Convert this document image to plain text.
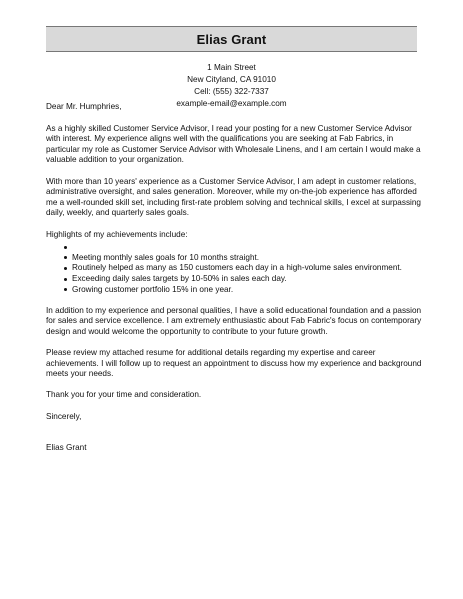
Elias Grant
1 Main Street
New Cityland, CA 91010
Cell: (555) 322-7337
example-email@example.com

Dear Mr. Humphries,

As a highly skilled Customer Service Advisor, I read your posting for a new Customer Service Advisor with interest. My experience aligns well with the qualifications you are seeking at Fab Fabrics, in particular my role as Customer Service Advisor with Wholesale Linens, and I am certain I would make a valuable addition to your organization.

With more than 10 years' experience as a Customer Service Advisor, I am adept in customer relations, administrative oversight, and sales generation. Moreover, while my on-the-job experience has afforded me a well-rounded skill set, including first-rate problem solving and technical skills, I excel at surpassing daily, weekly, and quarterly sales goals.

Highlights of my achievements include:

Meeting monthly sales goals for 10 months straight.
Routinely helped as many as 150 customers each day in a high-volume sales environment.
Exceeding daily sales targets by 10-50% in sales each day.
Growing customer portfolio 15% in one year.

In addition to my experience and personal qualities, I have a solid educational foundation and a passion for sales and service excellence. I am extremely enthusiastic about Fab Fabric's focus on contemporary design and would welcome the opportunity to contribute to your future growth.

Please review my attached resume for additional details regarding my expertise and career achievements. I will follow up to request an appointment to discuss how my experience and background meets your needs.

Thank you for your time and consideration.

Sincerely,

Elias Grant
